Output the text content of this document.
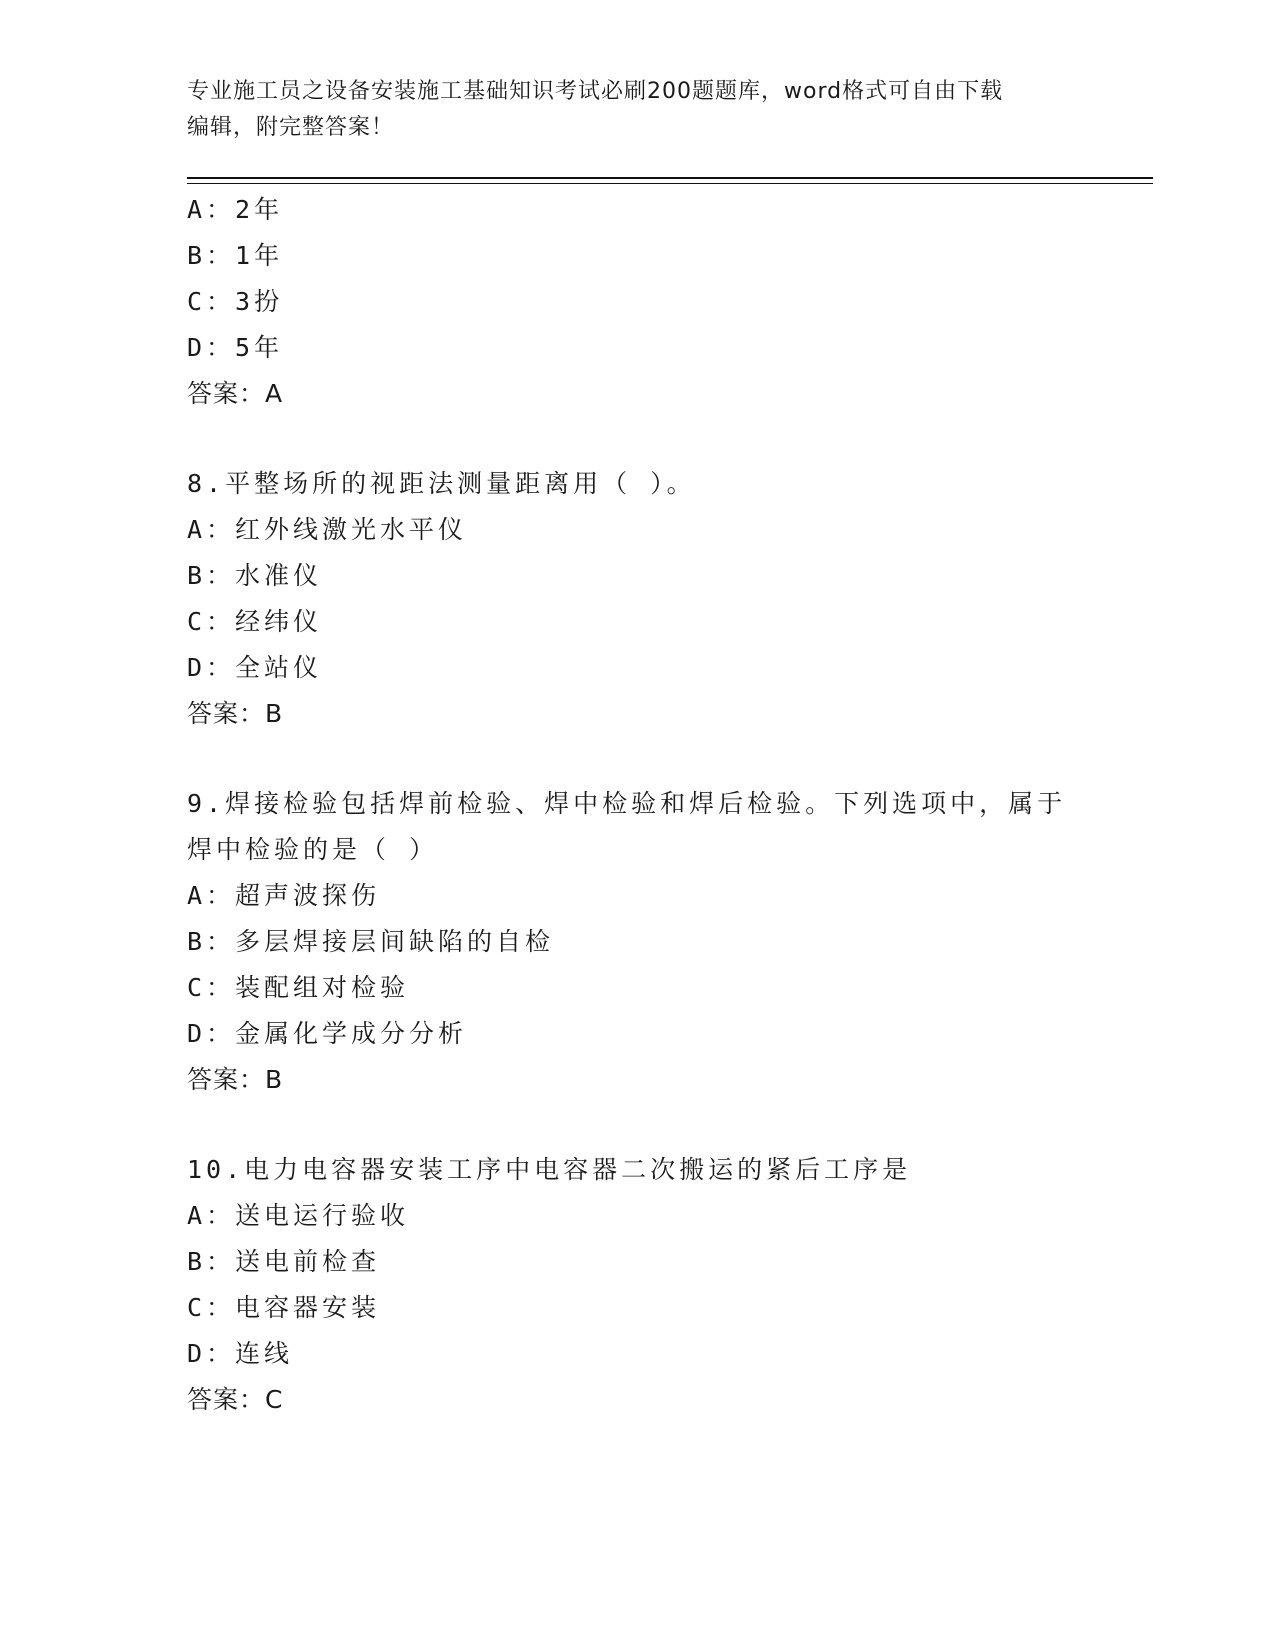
专业施工员之设备安装施工基础知识考试必刷200题题库，word格式可自由下载
编辑，附完整答案！
A：2年
B：1年
C：3扮
D：5年
答案：A
8.平整场所的视距法测量距离用（ ）。
A：红外线激光水平仪
B：水准仪
C：经纬仪
D：全站仪
答案：B
9.焊接检验包括焊前检验、焊中检验和焊后检验。下列选项中，属于
焊中检验的是（ ）
A：超声波探伤
B：多层焊接层间缺陷的自检
C：装配组对检验
D：金属化学成分分析
答案：B
10.电力电容器安装工序中电容器二次搬运的紧后工序是
A：送电运行验收
B：送电前检查
C：电容器安装
D：连线
答案：C
